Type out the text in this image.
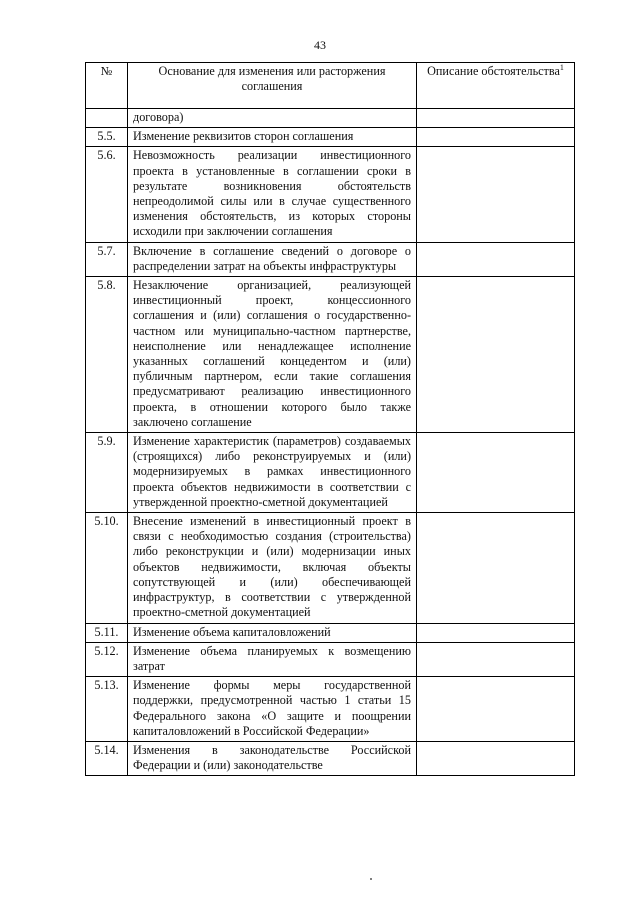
43
№	Основание для изменения или расторжения соглашения	Описание обстоятельства$^1$
	договора)	
5.5.	Изменение реквизитов сторон соглашения	
5.6.	Невозможность реализации инвестиционного проекта в установленные в соглашении сроки в результате возникновения обстоятельств непреодолимой силы или в случае существенного изменения обстоятельств, из которых стороны исходили при заключении соглашения	
5.7.	Включение в соглашение сведений о договоре о распределении затрат на объекты инфраструктуры	
5.8.	Незаключение организацией, реализующей инвестиционный проект, концессионного соглашения и (или) соглашения о государственно-частном или муниципально-частном партнерстве, неисполнение или ненадлежащее исполнение указанных соглашений концедентом и (или) публичным партнером, если такие соглашения предусматривают реализацию инвестиционного проекта, в отношении которого было также заключено соглашение	
5.9.	Изменение характеристик (параметров) создаваемых (строящихся) либо реконструируемых и (или) модернизируемых в рамках инвестиционного проекта объектов недвижимости в соответствии с утвержденной проектно-сметной документацией	
5.10.	Внесение изменений в инвестиционный проект в связи с необходимостью создания (строительства) либо реконструкции и (или) модернизации иных объектов недвижимости, включая объекты сопутствующей и (или) обеспечивающей инфраструктур, в соответствии с утвержденной проектно-сметной документацией	
5.11.	Изменение объема капиталовложений	
5.12.	Изменение объема планируемых к возмещению затрат	
5.13.	Изменение формы меры государственной поддержки, предусмотренной частью 1 статьи 15 Федерального закона «О защите и поощрении капиталовложений в Российской Федерации»	
5.14.	Изменения в законодательстве Российской Федерации и (или) законодательстве	
